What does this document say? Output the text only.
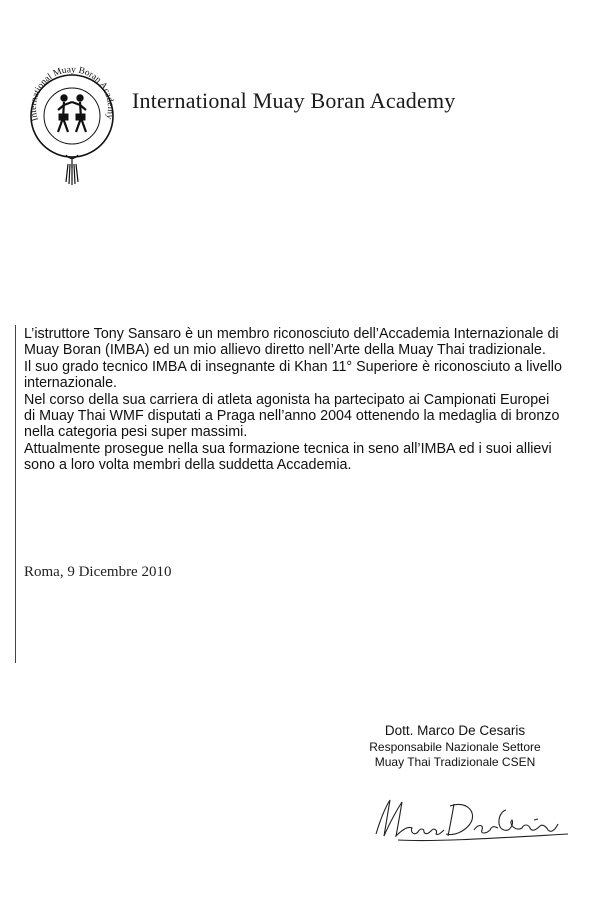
International Muay Boran Academy
International Muay Boran Academy

L’istruttore Tony Sansaro è un membro riconosciuto dell’Accademia Internazionale di Muay Boran (IMBA) ed un mio allievo diretto nell’Arte della Muay Thai tradizionale.

Il suo grado tecnico IMBA di insegnante di Khan 11° Superiore è riconosciuto a livello internazionale.

Nel corso della sua carriera di atleta agonista ha partecipato ai Campionati Europei di Muay Thai WMF disputati a Praga nell’anno 2004 ottenendo la medaglia di bronzo nella categoria pesi super massimi.

Attualmente prosegue nella sua formazione tecnica in seno all’IMBA ed i suoi allievi sono a loro volta membri della suddetta Accademia.

Roma, 9 Dicembre 2010
Dott. Marco De Cesaris
Responsabile Nazionale Settore
Muay Thai Tradizionale CSEN
